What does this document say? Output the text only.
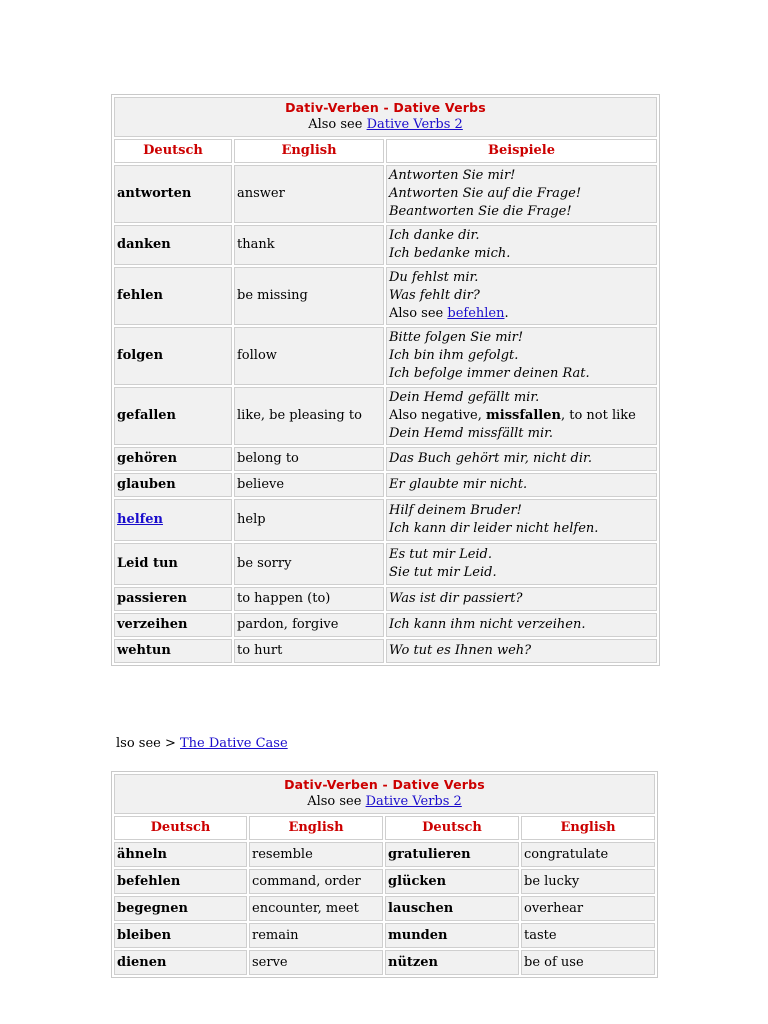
Dativ-Verben - Dative Verbs
Also see Dative Verbs 2		

Deutsch	English	Beispiele
antworten	answer	Antworten Sie mir!
Antworten Sie auf die Frage!
Beantworten Sie die Frage!

danken	thank	Ich danke dir.
Ich bedanke mich.

fehlen	be missing	Du fehlst mir.
Was fehlt dir?
Also see befehlen.

folgen	follow	Bitte folgen Sie mir!
Ich bin ihm gefolgt.
Ich befolge immer deinen Rat.

gefallen	like, be pleasing to	Dein Hemd gefällt mir.
Also negative, missfallen, to not like
Dein Hemd missfällt mir.

gehören	belong to	Das Buch gehört mir, nicht dir.
glauben	believe	Er glaubte mir nicht.
helfen	help	Hilf deinem Bruder!
Ich kann dir leider nicht helfen.

Leid tun	be sorry	Es tut mir Leid.
Sie tut mir Leid.

passieren	to happen (to)	Was ist dir passiert?
verzeihen	pardon, forgive	Ich kann ihm nicht verzeihen.
wehtun	to hurt	Wo tut es Ihnen weh?
lso see > The Dative Case
Dativ-Verben - Dative Verbs
Also see Dative Verbs 2			

Deutsch	English	Deutsch	English
ähneln	resemble	gratulieren	congratulate
befehlen	command, order	glücken	be lucky
begegnen	encounter, meet	lauschen	overhear
bleiben	remain	munden	taste
dienen	serve	nützen	be of use
